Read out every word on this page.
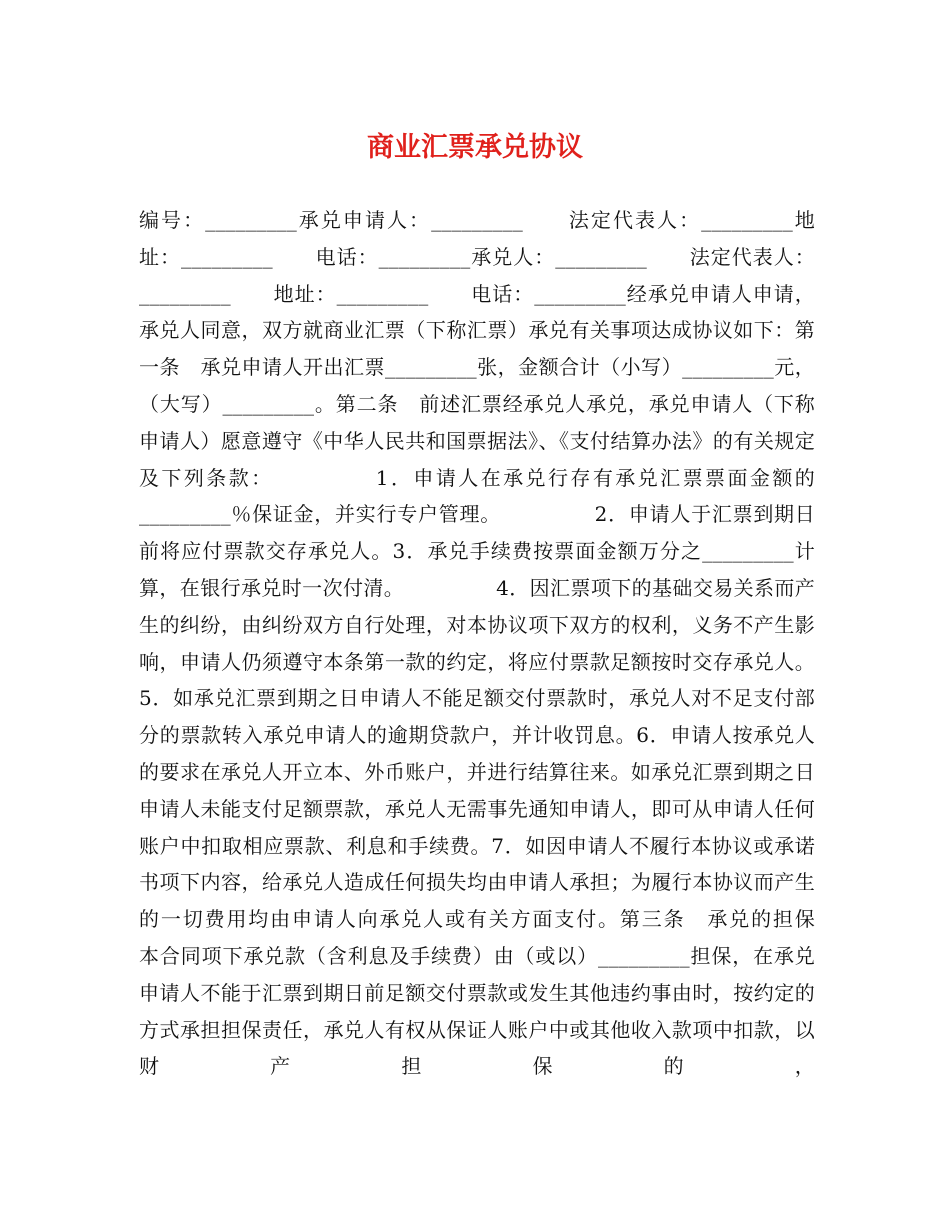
商业汇票承兑协议

编号：_________承兑申请人：_________　　法定代表人：_________地址：_________　　电话：_________承兑人：_________　　法定代表人：_________　　地址：_________　　电话：_________经承兑申请人申请，承兑人同意，双方就商业汇票（下称汇票）承兑有关事项达成协议如下：第一条　承兑申请人开出汇票_________张，金额合计（小写）_________元，（大写）_________。第二条　前述汇票经承兑人承兑，承兑申请人（下称申请人）愿意遵守《中华人民共和国票据法》、《支付结算办法》的有关规定及下列条款：　　　　　1．申请人在承兑行存有承兑汇票票面金额的_________％保证金，并实行专户管理。　　　　　2．申请人于汇票到期日前将应付票款交存承兑人。3．承兑手续费按票面金额万分之_________计算，在银行承兑时一次付清。　　　　　4．因汇票项下的基础交易关系而产生的纠纷，由纠纷双方自行处理，对本协议项下双方的权利，义务不产生影响，申请人仍须遵守本条第一款的约定，将应付票款足额按时交存承兑人。5．如承兑汇票到期之日申请人不能足额交付票款时，承兑人对不足支付部分的票款转入承兑申请人的逾期贷款户，并计收罚息。6．申请人按承兑人的要求在承兑人开立本、外币账户，并进行结算往来。如承兑汇票到期之日申请人未能支付足额票款，承兑人无需事先通知申请人，即可从申请人任何账户中扣取相应票款、利息和手续费。7．如因申请人不履行本协议或承诺书项下内容，给承兑人造成任何损失均由申请人承担；为履行本协议而产生的一切费用均由申请人向承兑人或有关方面支付。第三条　承兑的担保　　本合同项下承兑款（含利息及手续费）由（或以）_________担保，在承兑申请人不能于汇票到期日前足额交付票款或发生其他违约事由时，按约定的方式承担担保责任，承兑人有权从保证人账户中或其他收入款项中扣款，以财产担保的，
